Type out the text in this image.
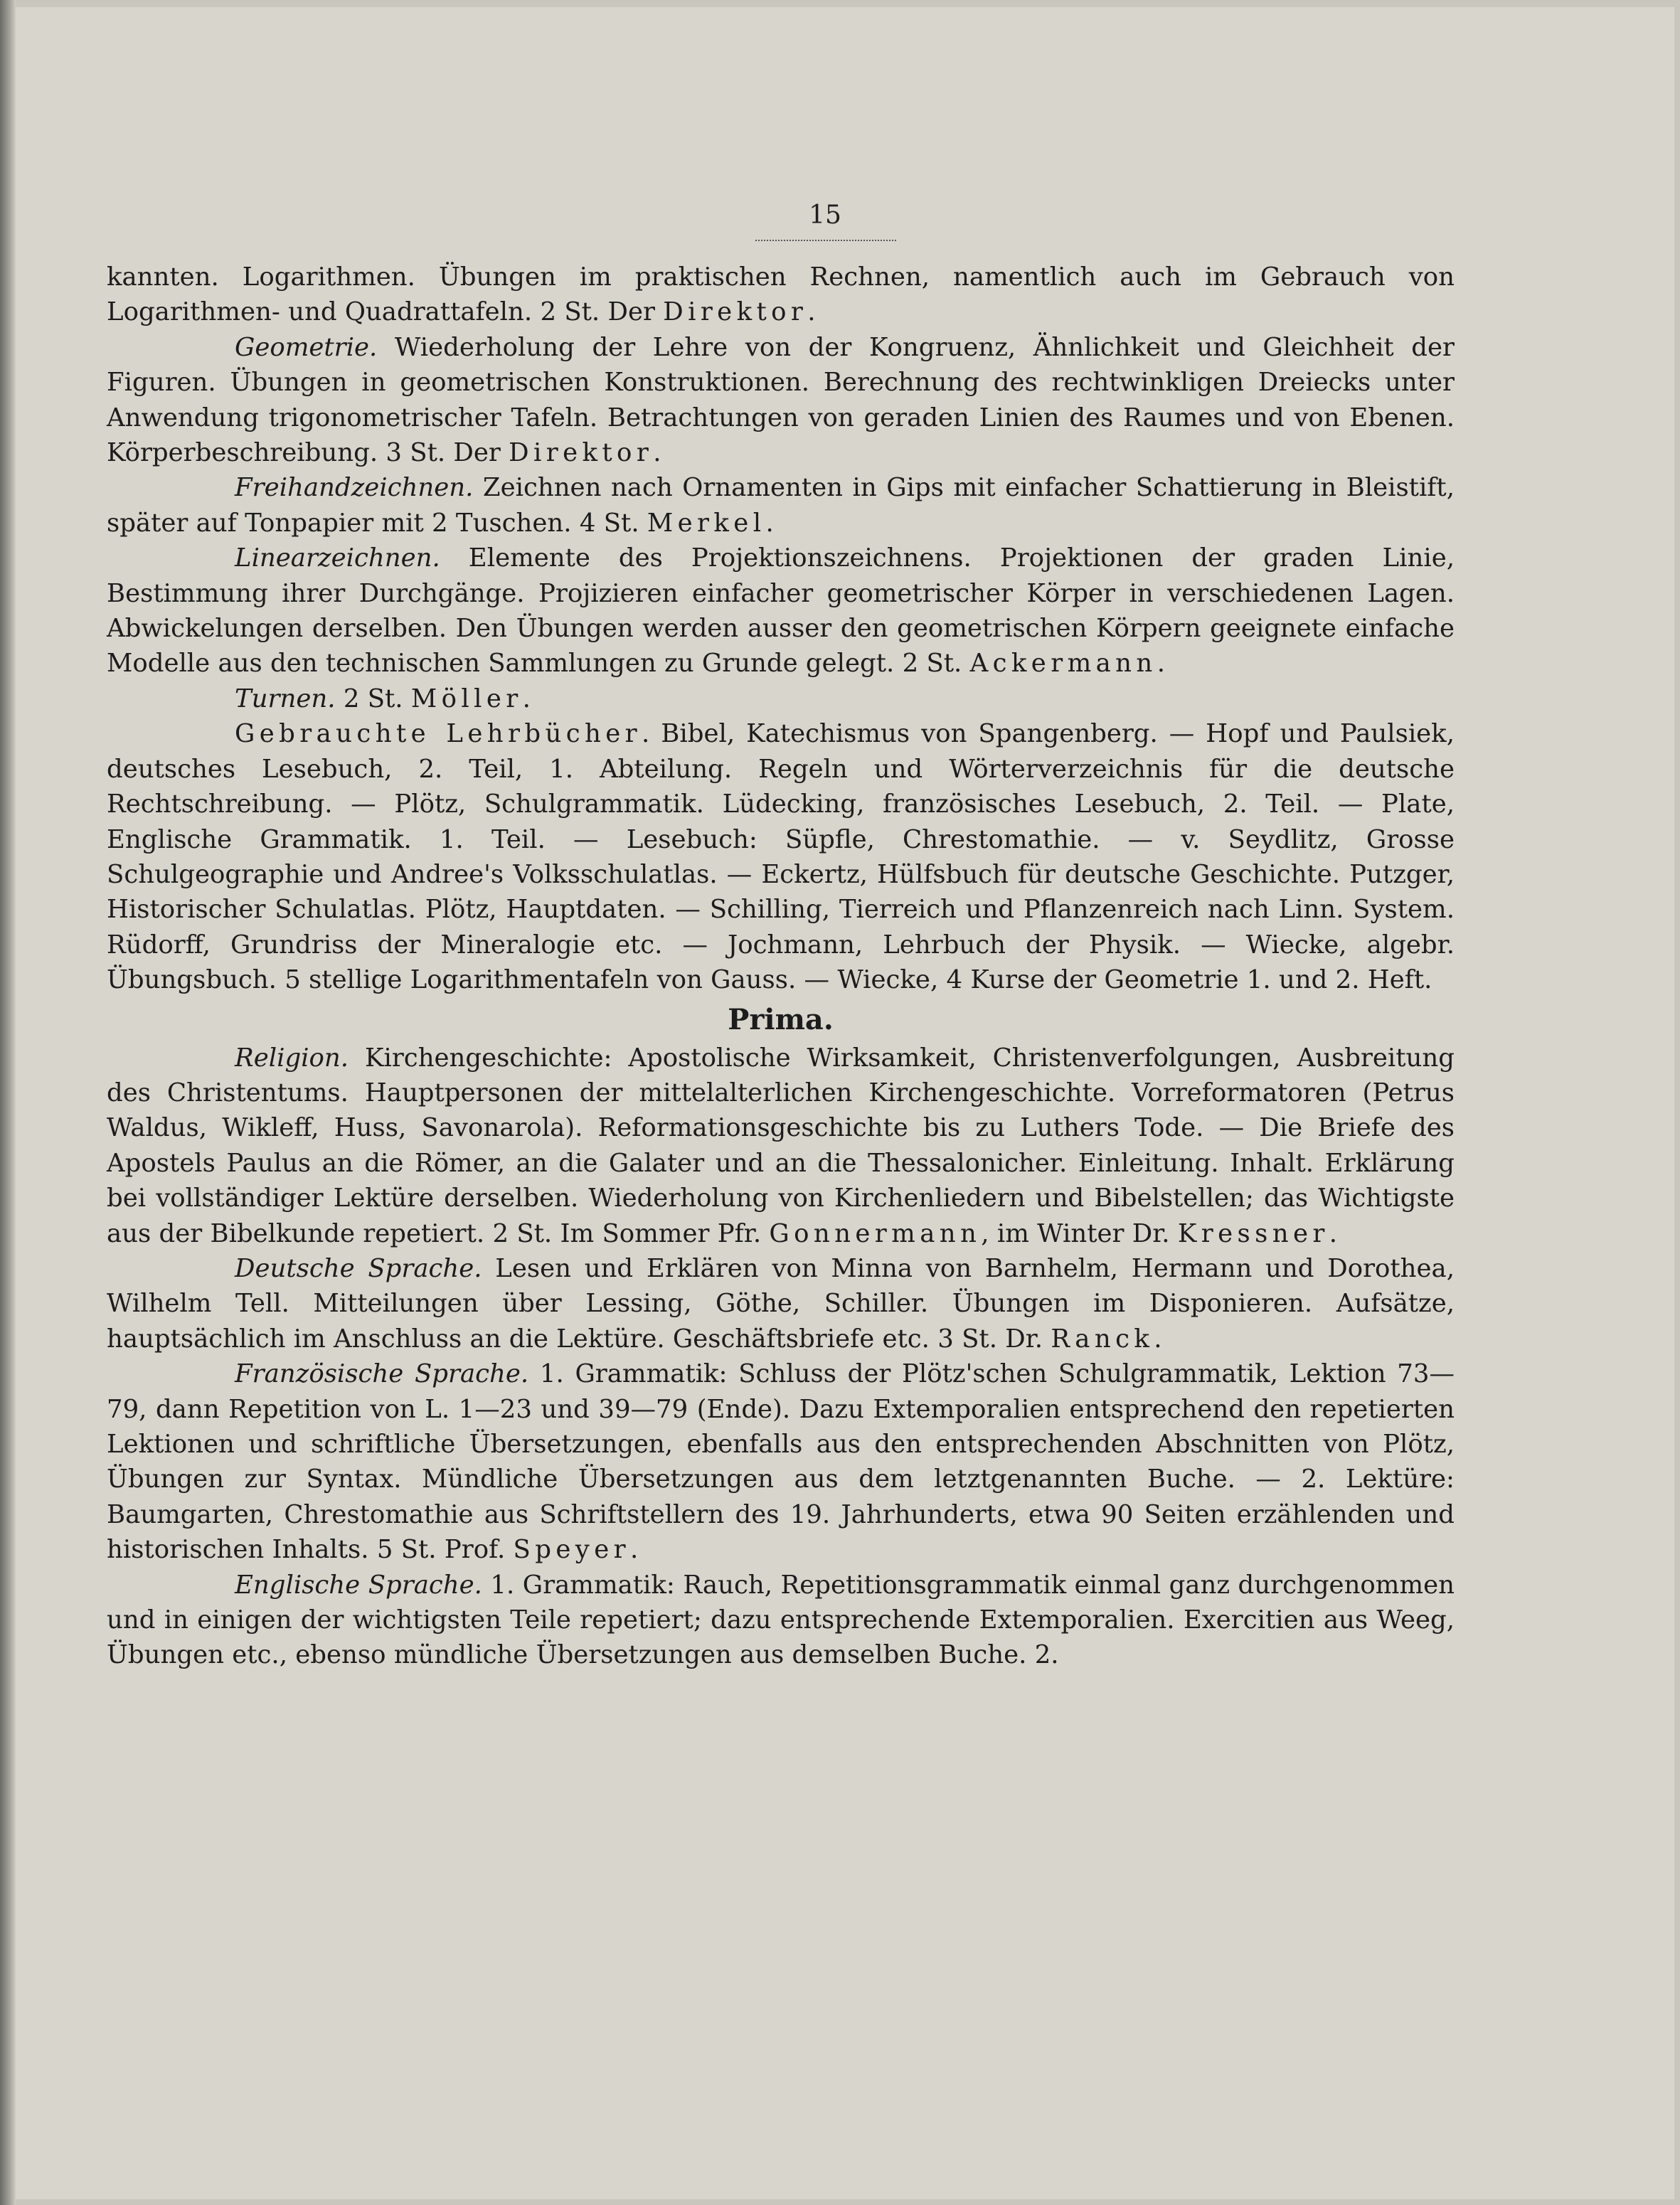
15

kannten. Logarithmen. Übungen im praktischen Rechnen, namentlich auch im Gebrauch von Logarithmen- und Quadrattafeln. 2 St. Der Direktor.

Geometrie. Wiederholung der Lehre von der Kongruenz, Ähnlichkeit und Gleichheit der Figuren. Übungen in geometrischen Konstruktionen. Berechnung des rechtwinkligen Dreiecks unter Anwendung trigonometrischer Tafeln. Betrachtungen von geraden Linien des Raumes und von Ebenen. Körperbeschreibung. 3 St. Der Direktor.

Freihandzeichnen. Zeichnen nach Ornamenten in Gips mit einfacher Schattierung in Bleistift, später auf Tonpapier mit 2 Tuschen. 4 St. Merkel.

Linearzeichnen. Elemente des Projektionszeichnens. Projektionen der graden Linie, Bestimmung ihrer Durchgänge. Projizieren einfacher geometrischer Körper in verschiedenen Lagen. Abwickelungen derselben. Den Übungen werden ausser den geometrischen Körpern geeignete einfache Modelle aus den technischen Sammlungen zu Grunde gelegt. 2 St. Ackermann.

Turnen. 2 St. Möller.

Gebrauchte Lehrbücher. Bibel, Katechismus von Spangenberg. — Hopf und Paulsiek, deutsches Lesebuch, 2. Teil, 1. Abteilung. Regeln und Wörterverzeichnis für die deutsche Rechtschreibung. — Plötz, Schulgrammatik. Lüdecking, französisches Lesebuch, 2. Teil. — Plate, Englische Grammatik. 1. Teil. — Lesebuch: Süpfle, Chrestomathie. — v. Seydlitz, Grosse Schulgeographie und Andree's Volksschulatlas. — Eckertz, Hülfsbuch für deutsche Geschichte. Putzger, Historischer Schulatlas. Plötz, Hauptdaten. — Schilling, Tierreich und Pflanzenreich nach Linn. System. Rüdorff, Grundriss der Mineralogie etc. — Jochmann, Lehrbuch der Physik. — Wiecke, algebr. Übungsbuch. 5 stellige Logarithmentafeln von Gauss. — Wiecke, 4 Kurse der Geometrie 1. und 2. Heft.

Prima.

Religion. Kirchengeschichte: Apostolische Wirksamkeit, Christenverfolgungen, Ausbreitung des Christentums. Hauptpersonen der mittelalterlichen Kirchengeschichte. Vorreformatoren (Petrus Waldus, Wikleff, Huss, Savonarola). Reformationsgeschichte bis zu Luthers Tode. — Die Briefe des Apostels Paulus an die Römer, an die Galater und an die Thessalonicher. Einleitung. Inhalt. Erklärung bei vollständiger Lektüre derselben. Wiederholung von Kirchenliedern und Bibelstellen; das Wichtigste aus der Bibelkunde repetiert. 2 St. Im Sommer Pfr. Gonnermann, im Winter Dr. Kressner.

Deutsche Sprache. Lesen und Erklären von Minna von Barnhelm, Hermann und Dorothea, Wilhelm Tell. Mitteilungen über Lessing, Göthe, Schiller. Übungen im Disponieren. Aufsätze, hauptsächlich im Anschluss an die Lektüre. Geschäftsbriefe etc. 3 St. Dr. Ranck.

Französische Sprache. 1. Grammatik: Schluss der Plötz'schen Schulgrammatik, Lektion 73—79, dann Repetition von L. 1—23 und 39—79 (Ende). Dazu Extemporalien entsprechend den repetierten Lektionen und schriftliche Übersetzungen, ebenfalls aus den entsprechenden Abschnitten von Plötz, Übungen zur Syntax. Mündliche Übersetzungen aus dem letztgenannten Buche. — 2. Lektüre: Baumgarten, Chrestomathie aus Schriftstellern des 19. Jahrhunderts, etwa 90 Seiten erzählenden und historischen Inhalts. 5 St. Prof. Speyer.

Englische Sprache. 1. Grammatik: Rauch, Repetitionsgrammatik einmal ganz durchgenommen und in einigen der wichtigsten Teile repetiert; dazu entsprechende Extemporalien. Exercitien aus Weeg, Übungen etc., ebenso mündliche Übersetzungen aus demselben Buche. 2.
